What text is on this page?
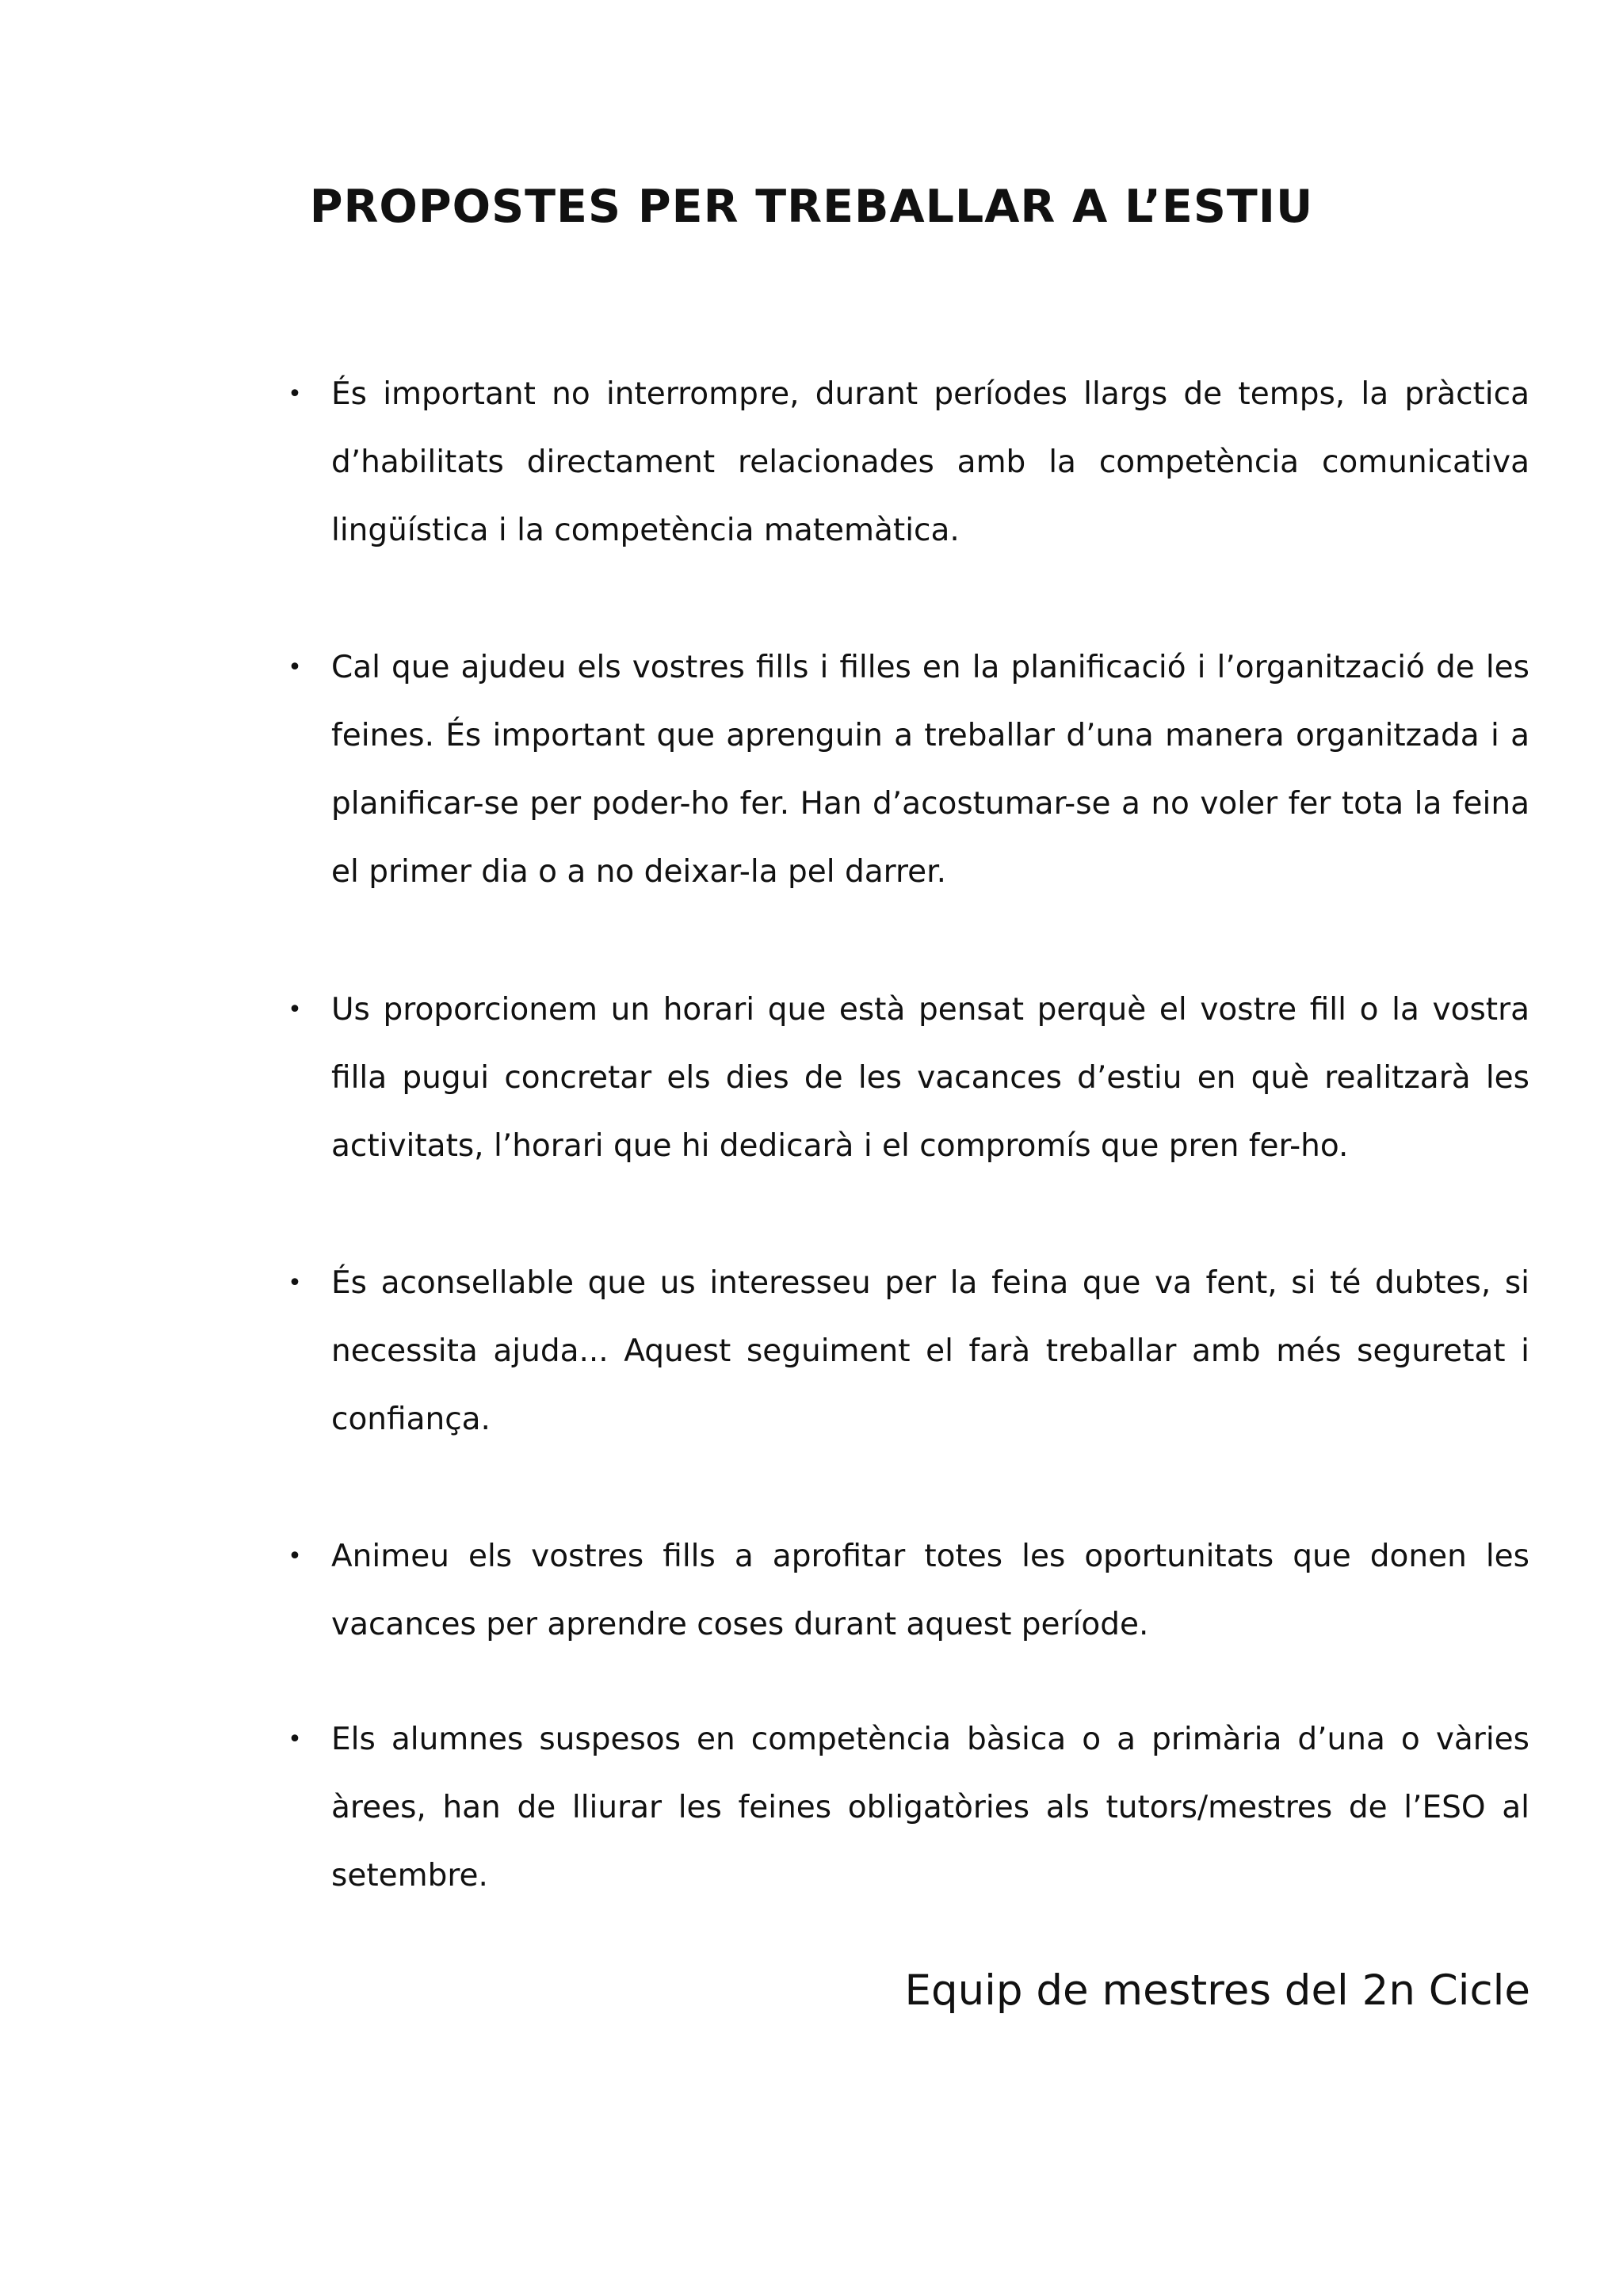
PROPOSTES PER TREBALLAR A L’ESTIU
• És important no interrompre, durant períodes llargs de temps, la pràctica d’habilitats directament relacionades amb la competència comunicativa lingüística i la competència matemàtica.
• Cal que ajudeu els vostres fills i filles en la planificació i l’organització de les feines. És important que aprenguin a treballar d’una manera organitzada i a planificar-se per poder-ho fer. Han d’acostumar-se a no voler fer tota la feina el primer dia o a no deixar-la pel darrer.
• Us proporcionem un horari que està pensat perquè el vostre fill o la vostra filla pugui concretar els dies de les vacances d’estiu en què realitzarà les activitats, l’horari que hi dedicarà i el compromís que pren fer-ho.
• És aconsellable que us interesseu per la feina que va fent, si té dubtes, si necessita ajuda... Aquest seguiment el farà treballar amb més seguretat i confiança.
• Animeu els vostres fills a aprofitar totes les oportunitats que donen les vacances per aprendre coses durant aquest període.
• Els alumnes suspesos en competència bàsica o a primària d’una o vàries àrees, han de lliurar les feines obligatòries als tutors/mestres de l’ESO al setembre.

Equip de mestres del 2n Cicle
